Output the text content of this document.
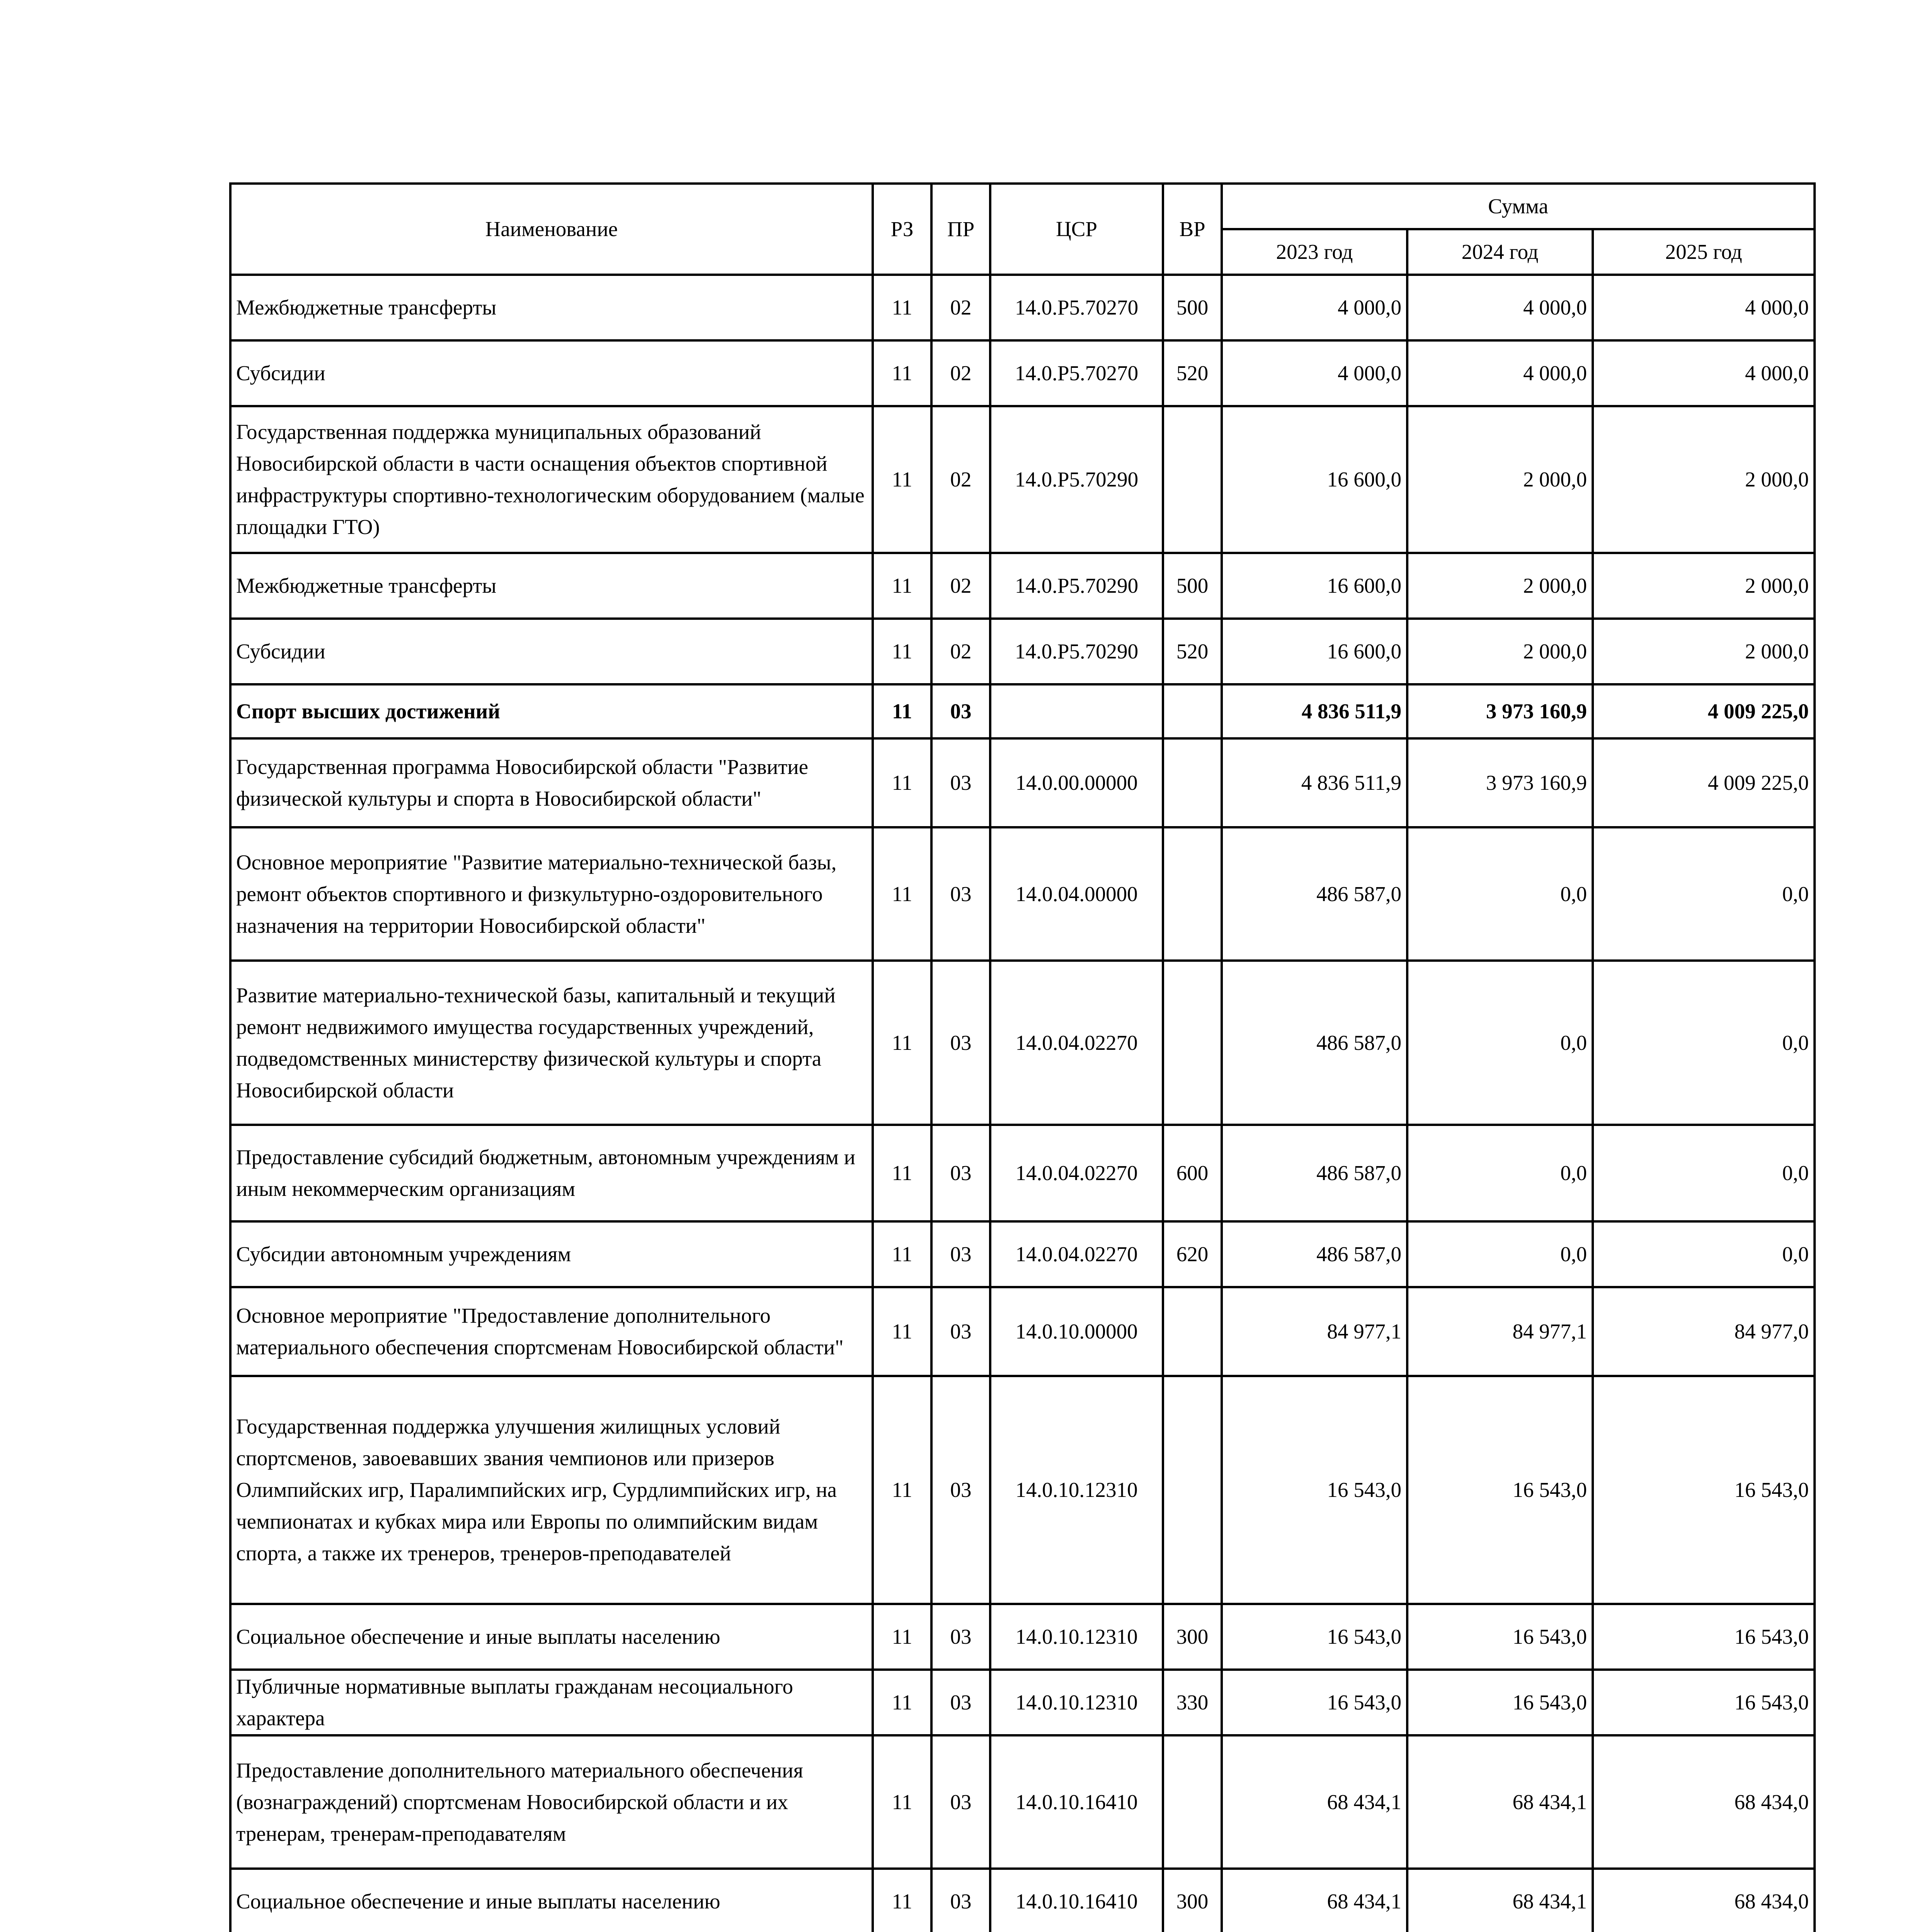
Наименование	РЗ	ПР	ЦСР	ВР	Сумма		
					2023 год	2024 год	2025 год
Межбюджетные трансферты	11	02	14.0.P5.70270	500	4 000,0	4 000,0	4 000,0
Субсидии	11	02	14.0.P5.70270	520	4 000,0	4 000,0	4 000,0
Государственная поддержка муниципальных образований Новосибирской области в части оснащения объектов спортивной инфраструктуры спортивно-технологическим оборудованием (малые площадки ГТО)	11	02	14.0.P5.70290		16 600,0	2 000,0	2 000,0
Межбюджетные трансферты	11	02	14.0.P5.70290	500	16 600,0	2 000,0	2 000,0
Субсидии	11	02	14.0.P5.70290	520	16 600,0	2 000,0	2 000,0
Спорт высших достижений	11	03			4 836 511,9	3 973 160,9	4 009 225,0
Государственная программа Новосибирской области "Развитие физической культуры и спорта в Новосибирской области"	11	03	14.0.00.00000		4 836 511,9	3 973 160,9	4 009 225,0
Основное мероприятие "Развитие материально-технической базы, ремонт объектов спортивного и физкультурно-оздоровительного назначения на территории Новосибирской области"	11	03	14.0.04.00000		486 587,0	0,0	0,0
Развитие материально-технической базы, капитальный и текущий ремонт недвижимого имущества государственных учреждений, подведомственных министерству физической культуры и спорта Новосибирской области	11	03	14.0.04.02270		486 587,0	0,0	0,0
Предоставление субсидий бюджетным, автономным учреждениям и иным некоммерческим организациям	11	03	14.0.04.02270	600	486 587,0	0,0	0,0
Субсидии автономным учреждениям	11	03	14.0.04.02270	620	486 587,0	0,0	0,0
Основное мероприятие "Предоставление дополнительного материального обеспечения спортсменам Новосибирской области"	11	03	14.0.10.00000		84 977,1	84 977,1	84 977,0
Государственная поддержка улучшения жилищных условий спортсменов, завоевавших звания чемпионов или призеров Олимпийских игр, Паралимпийских игр, Сурдлимпийских игр, на чемпионатах и кубках мира или Европы по олимпийским видам спорта, а также их тренеров, тренеров-преподавателей	11	03	14.0.10.12310		16 543,0	16 543,0	16 543,0
Социальное обеспечение и иные выплаты населению	11	03	14.0.10.12310	300	16 543,0	16 543,0	16 543,0
Публичные нормативные выплаты гражданам несоциального характера	11	03	14.0.10.12310	330	16 543,0	16 543,0	16 543,0
Предоставление дополнительного материального обеспечения (вознаграждений) спортсменам Новосибирской области и их тренерам, тренерам-преподавателям	11	03	14.0.10.16410		68 434,1	68 434,1	68 434,0
Социальное обеспечение и иные выплаты населению	11	03	14.0.10.16410	300	68 434,1	68 434,1	68 434,0
